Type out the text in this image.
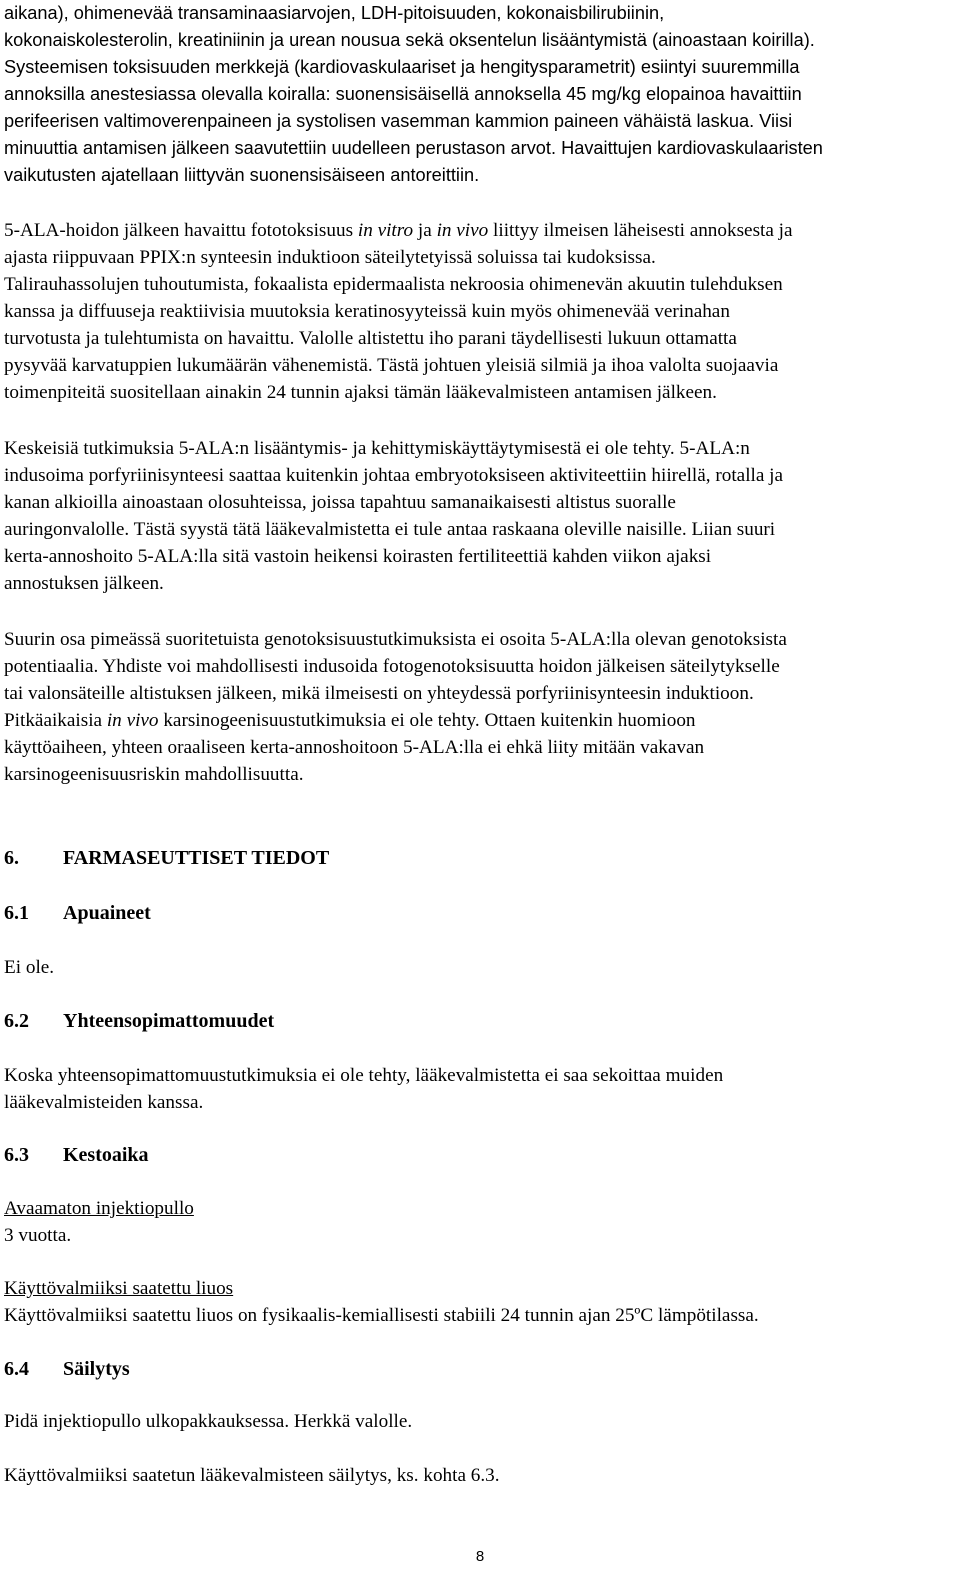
aikana), ohimenevää transaminaasiarvojen, LDH-pitoisuuden, kokonaisbilirubiinin,

kokonaiskolesterolin, kreatiniinin ja urean nousua sekä oksentelun lisääntymistä (ainoastaan koirilla).

Systeemisen toksisuuden merkkejä (kardiovaskulaariset ja hengitysparametrit) esiintyi suuremmilla

annoksilla anestesiassa olevalla koiralla: suonensisäisellä annoksella 45 mg/kg elopainoa havaittiin

perifeerisen valtimoverenpaineen ja systolisen vasemman kammion paineen vähäistä laskua. Viisi

minuuttia antamisen jälkeen saavutettiin uudelleen perustason arvot. Havaittujen kardiovaskulaaristen

vaikutusten ajatellaan liittyvän suonensisäiseen antoreittiin.

5-ALA-hoidon jälkeen havaittu fototoksisuus in vitro ja in vivo liittyy ilmeisen läheisesti annoksesta ja

ajasta riippuvaan PPIX:n synteesin induktioon säteilytetyissä soluissa tai kudoksissa.

Talirauhassolujen tuhoutumista, fokaalista epidermaalista nekroosia ohimenevän akuutin tulehduksen

kanssa ja diffuuseja reaktiivisia muutoksia keratinosyyteissä kuin myös ohimenevää verinahan

turvotusta ja tulehtumista on havaittu. Valolle altistettu iho parani täydellisesti lukuun ottamatta

pysyvää karvatuppien lukumäärän vähenemistä. Tästä johtuen yleisiä silmiä ja ihoa valolta suojaavia

toimenpiteitä suositellaan ainakin 24 tunnin ajaksi tämän lääkevalmisteen antamisen jälkeen.

Keskeisiä tutkimuksia 5-ALA:n lisääntymis- ja kehittymiskäyttäytymisestä ei ole tehty. 5-ALA:n

indusoima porfyriinisynteesi saattaa kuitenkin johtaa embryotoksiseen aktiviteettiin hiirellä, rotalla ja

kanan alkioilla ainoastaan olosuhteissa, joissa tapahtuu samanaikaisesti altistus suoralle

auringonvalolle. Tästä syystä tätä lääkevalmistetta ei tule antaa raskaana oleville naisille. Liian suuri

kerta-annoshoito 5-ALA:lla sitä vastoin heikensi koirasten fertiliteettiä kahden viikon ajaksi

annostuksen jälkeen.

Suurin osa pimeässä suoritetuista genotoksisuustutkimuksista ei osoita 5-ALA:lla olevan genotoksista

potentiaalia. Yhdiste voi mahdollisesti indusoida fotogenotoksisuutta hoidon jälkeisen säteilytykselle

tai valonsäteille altistuksen jälkeen, mikä ilmeisesti on yhteydessä porfyriinisynteesin induktioon.

Pitkäaikaisia in vivo karsinogeenisuustutkimuksia ei ole tehty. Ottaen kuitenkin huomioon

käyttöaiheen, yhteen oraaliseen kerta-annoshoitoon 5-ALA:lla ei ehkä liity mitään vakavan

karsinogeenisuusriskin mahdollisuutta.

6. FARMASEUTTISET TIEDOT
6.1 Apuaineet

Ei ole.

6.2 Yhteensopimattomuudet

Koska yhteensopimattomuustutkimuksia ei ole tehty, lääkevalmistetta ei saa sekoittaa muiden

lääkevalmisteiden kanssa.

6.3 Kestoaika

Avaamaton injektiopullo

3 vuotta.

Käyttövalmiiksi saatettu liuos

Käyttövalmiiksi saatettu liuos on fysikaalis-kemiallisesti stabiili 24 tunnin ajan 25ºC lämpötilassa.

6.4 Säilytys

Pidä injektiopullo ulkopakkauksessa. Herkkä valolle.

Käyttövalmiiksi saatetun lääkevalmisteen säilytys, ks. kohta 6.3.

8
